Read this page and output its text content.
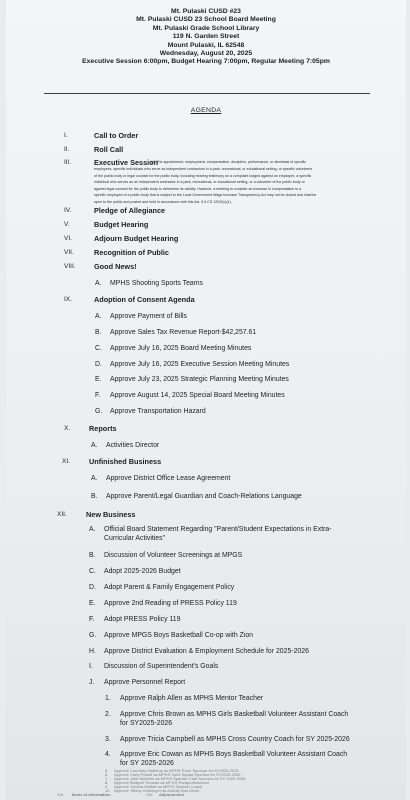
Mt. Pulaski CUSD #23
Mt. Pulaski CUSD 23 School Board Meeting
Mt. Pulaski Grade School Library
119 N. Garden Street
Mount Pulaski, IL 62548
Wednesday, August 20, 2025
Executive Session 6:00pm, Budget Hearing 7:00pm, Regular Meeting 7:05pm
AGENDA
I.	Call to Order
II.	Roll Call
III.	Executive Session
(1) The appointment, employment, compensation, discipline, performance, or dismissal of specific
employees, specific individuals who serve as independent contractors in a park, recreational, or educational setting, or specific volunteers
of the public body or legal counsel for the public body, including hearing testimony on a complaint lodged against an employee, a specific
individual who serves as an independent contractor in a park, recreational, or educational setting, or a volunteer of the public body or
against legal counsel for the public body to determine its validity. However, a meeting to consider an increase in compensation to a
specific employee of a public body that is subject to the Local Government Wage Increase Transparency Act may not be closed and shall be
open to the public and posted and held in accordance with this Act. 5 ILCS 120/2(c)(1).
IV.	Pledge of Allegiance
V.	Budget Hearing
VI.	Adjourn Budget Hearing
VII.	Recognition of Public
VIII.	Good News!
A. MPHS Shooting Sports Teams
IX.	Adoption of Consent Agenda
A. Approve Payment of Bills
B. Approve Sales Tax Revenue Report-$42,257.61
C. Approve July 16, 2025 Board Meeting Minutes
D. Approve July 16, 2025 Executive Session Meeting Minutes
E. Approve July 23, 2025 Strategic Planning Meeting Minutes
F. Approve August 14, 2025 Special Board Meeting Minutes
G. Approve Transportation Hazard
X.	Reports
A. Activities Director
XI.	Unfinished Business
A. Approve District Office Lease Agreement
B. Approve Parent/Legal Guardian and Coach-Relations Language
XII.	New Business
A. Official Board Statement Regarding "Parent/Student Expectations in Extra-
Curricular Activities"
B. Discussion of Volunteer Screenings at MPGS
C. Adopt 2025-2026 Budget
D. Adopt Parent & Family Engagement Policy
E. Approve 2nd Reading of PRESS Policy 119
F. Adopt PRESS Policy 119
G. Approve MPGS Boys Basketball Co-op with Zion
H. Approve District Evaluation & Employment Schedule for 2025-2026
I. Discussion of Superintendent's Goals
J. Approve Personnel Report
1. Approve Ralph Allen as MPHS Mentor Teacher
2. Approve Chris Brown as MPHS Girls Basketball Volunteer Assistant Coach
for SY2025-2026
3. Approve Tricia Campbell as MPHS Cross Country Coach for SY 2025-2026
4. Approve Eric Cowan as MPHS Boys Basketball Volunteer Assistant Coach
for SY 2025-2026
5. Approve Courtney Matheny as MPHS Prom Sponsor for SY2025-2026
6. Approve Carly Powell as MPHS Spirit Squad Sponsor for SY2025-2026
7. Approve Julie Wubben as MPHS Spanish Club Sponsor for SY 2025-2026
8. Approve Bridgett Thomas as MPGS Paraprofessional
9. Approve Victoria Moffett as MPGS Speech Coach
10. Approve Tiffany Kretzinger as Activity Bus Driver
XIII. Items of Information	XIV. Adjournment
